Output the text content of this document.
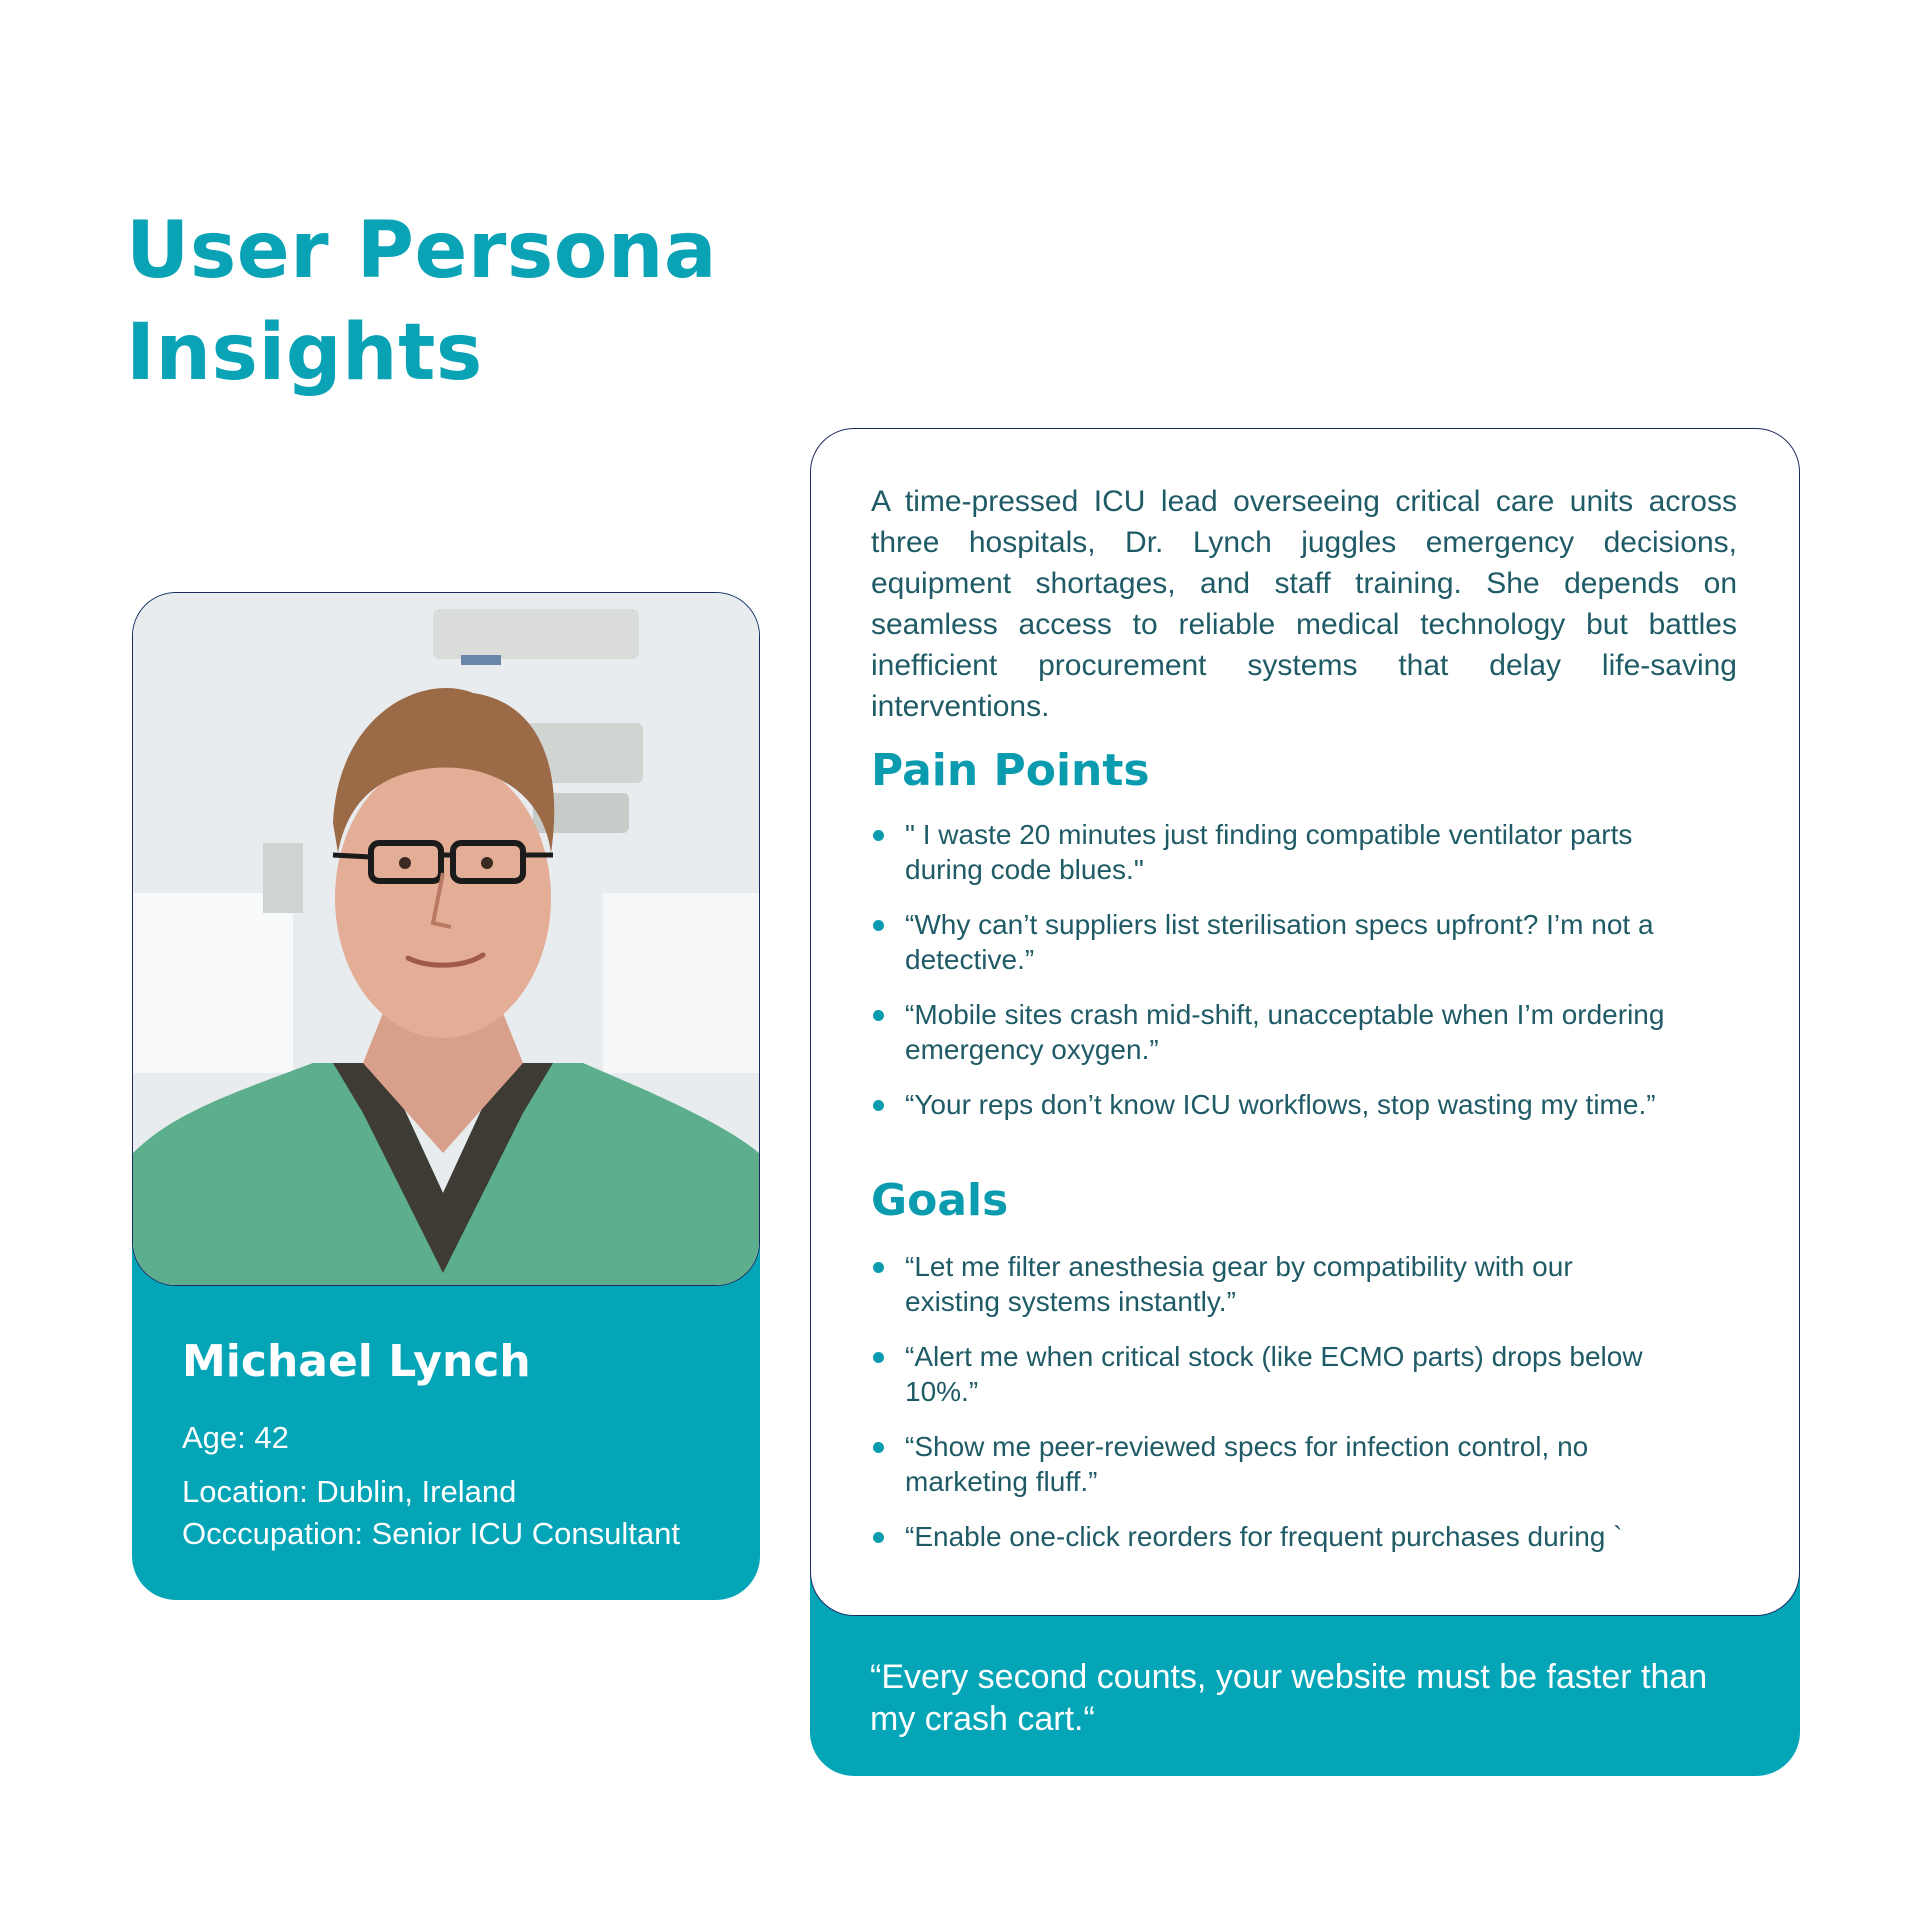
User Persona
Insights
Michael Lynch

Age: 42

Location: Dublin, Ireland

Occcupation: Senior ICU Consultant

“Every second counts, your website must be faster than my crash cart.“

A time-pressed ICU lead overseeing critical care units across three hospitals, Dr. Lynch juggles emergency decisions, equipment shortages, and staff training. She depends on seamless access to reliable medical technology but battles inefficient procurement systems that delay life-saving interventions.

Pain Points
" I waste 20 minutes just finding compatible ventilator parts during code blues."
“Why can’t suppliers list sterilisation specs upfront? I’m not a detective.”
“Mobile sites crash mid-shift, unacceptable when I’m ordering emergency oxygen.”
“Your reps don’t know ICU workflows, stop wasting my time.”
Goals
“Let me filter anesthesia gear by compatibility with our existing systems instantly.”
“Alert me when critical stock (like ECMO parts) drops below 10%.”
“Show me peer-reviewed specs for infection control, no marketing fluff.”
“Enable one-click reorders for frequent purchases during `
